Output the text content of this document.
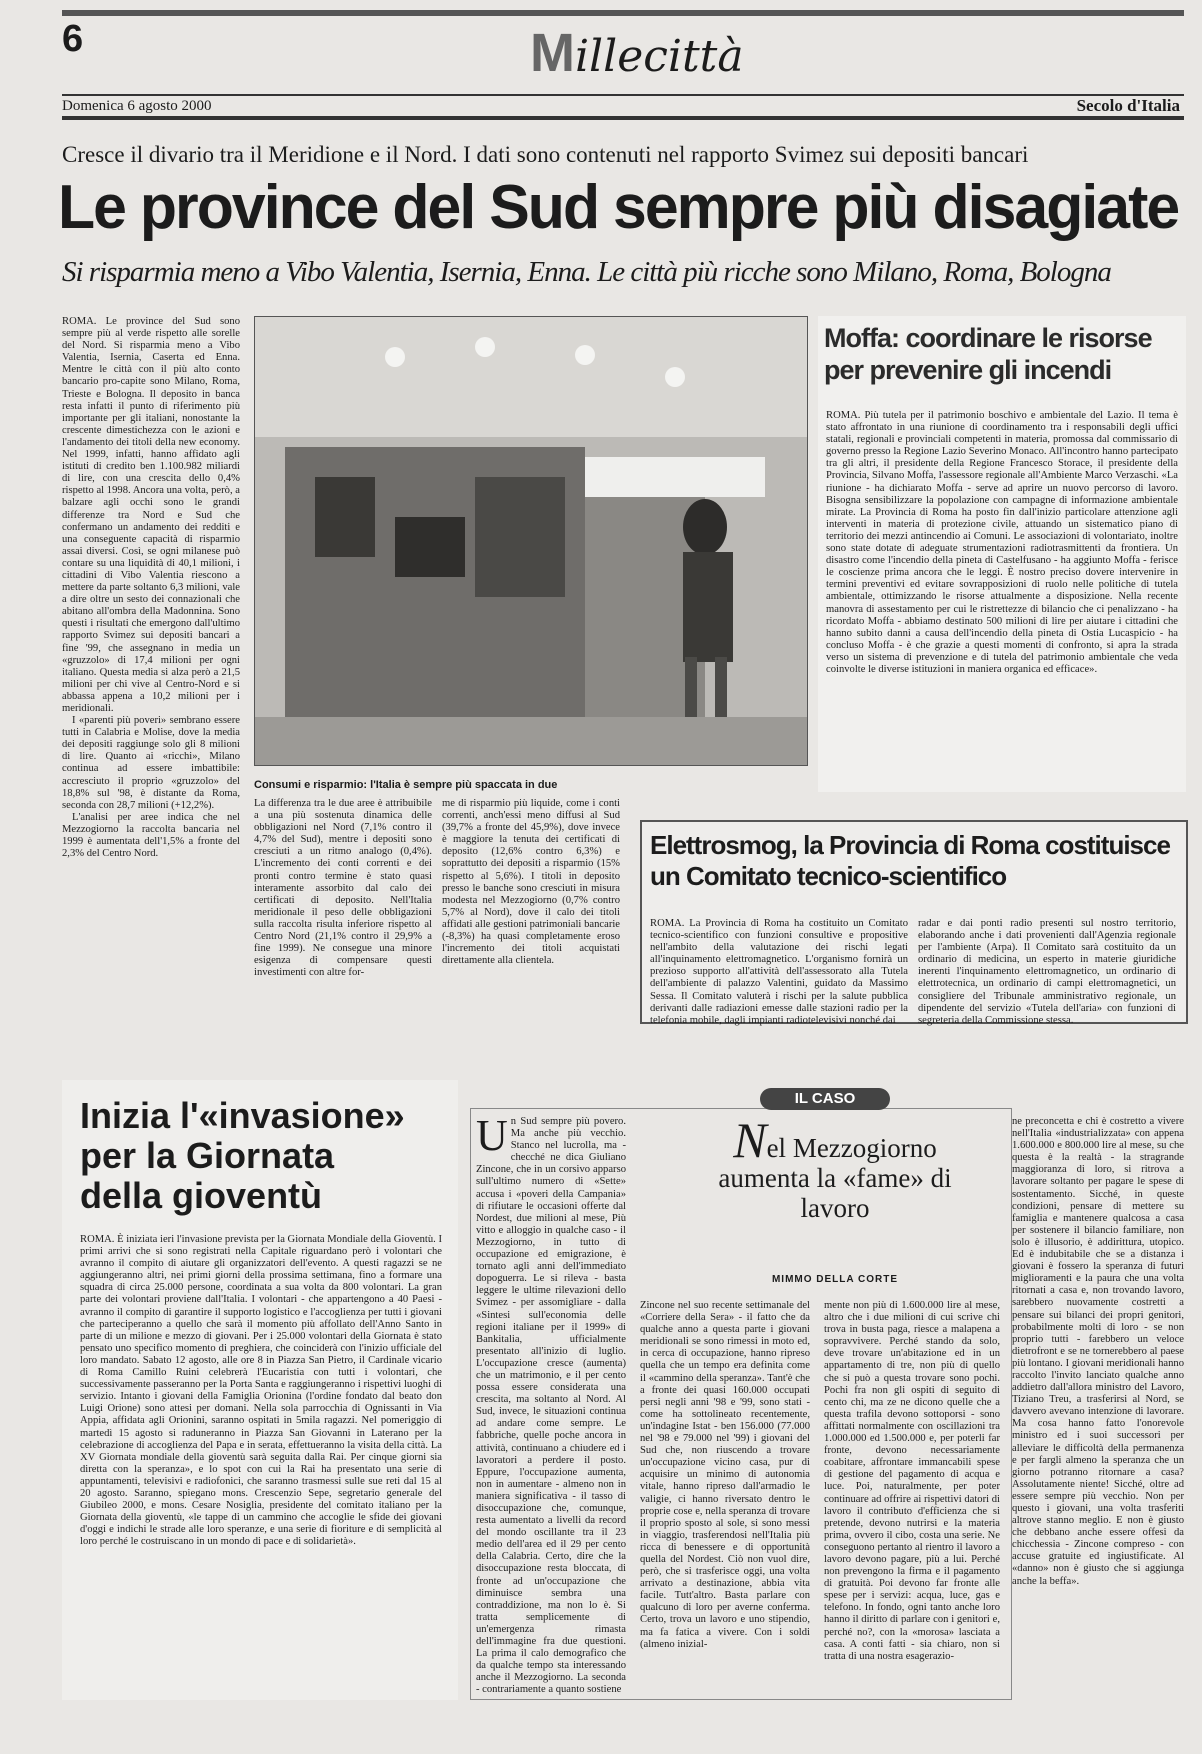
6	Millecittà
Domenica 6 agosto 2000	Secolo d'Italia
Cresce il divario tra il Meridione e il Nord. I dati sono contenuti nel rapporto Svimez sui depositi bancari
Le province del Sud sempre più disagiate
Si risparmia meno a Vibo Valentia, Isernia, Enna. Le città più ricche sono Milano, Roma, Bologna

ROMA. Le province del Sud sono sempre più al verde rispetto alle sorelle del Nord. Si risparmia meno a Vibo Valentia, Isernia, Caserta ed Enna. Mentre le città con il più alto conto bancario pro-capite sono Milano, Roma, Trieste e Bologna. Il deposito in banca resta infatti il punto di riferimento più importante per gli italiani, nonostante la crescente dimestichezza con le azioni e l'andamento dei titoli della new economy. Nel 1999, infatti, hanno affidato agli istituti di credito ben 1.100.982 miliardi di lire, con una crescita dello 0,4% rispetto al 1998. Ancora una volta, però, a balzare agli occhi sono le grandi differenze tra Nord e Sud che confermano un andamento dei redditi e una conseguente capacità di risparmio assai diversi. Così, se ogni milanese può contare su una liquidità di 40,1 milioni, i cittadini di Vibo Valentia riescono a mettere da parte soltanto 6,3 milioni, vale a dire oltre un sesto dei connazionali che abitano all'ombra della Madonnina. Sono questi i risultati che emergono dall'ultimo rapporto Svimez sui depositi bancari a fine '99, che assegnano in media un «gruzzolo» di 17,4 milioni per ogni italiano. Questa media si alza però a 21,5 milioni per chi vive al Centro-Nord e si abbassa appena a 10,2 milioni per i meridionali.

I «parenti più poveri» sembrano essere tutti in Calabria e Molise, dove la media dei depositi raggiunge solo gli 8 milioni di lire. Quanto ai «ricchi», Milano continua ad essere imbattibile: accresciuto il proprio «gruzzolo» del 18,8% sul '98, è distante da Roma, seconda con 28,7 milioni (+12,2%).

L'analisi per aree indica che nel Mezzogiorno la raccolta bancaria nel 1999 è aumentata dell'1,5% a fronte del 2,3% del Centro Nord.

Consumi e risparmio: l'Italia è sempre più spaccata in due

La differenza tra le due aree è attribuibile a una più sostenuta dinamica delle obbligazioni nel Nord (7,1% contro il 4,7% del Sud), mentre i depositi sono cresciuti a un ritmo analogo (0,4%). L'incremento dei conti correnti e dei pronti contro termine è stato quasi interamente assorbito dal calo dei certificati di deposito. Nell'Italia meridionale il peso delle obbligazioni sulla raccolta risulta inferiore rispetto al Centro Nord (21,1% contro il 29,9% a fine 1999). Ne consegue una minore esigenza di compensare questi investimenti con altre for-

me di risparmio più liquide, come i conti correnti, anch'essi meno diffusi al Sud (39,7% a fronte del 45,9%), dove invece è maggiore la tenuta dei certificati di deposito (12,6% contro 6,3%) e soprattutto dei depositi a risparmio (15% rispetto al 5,6%). I titoli in deposito presso le banche sono cresciuti in misura modesta nel Mezzogiorno (0,7% contro 5,7% al Nord), dove il calo dei titoli affidati alle gestioni patrimoniali bancarie (-8,3%) ha quasi completamente eroso l'incremento dei titoli acquistati direttamente alla clientela.

Moffa: coordinare le risorse per prevenire gli incendi

ROMA. Più tutela per il patrimonio boschivo e ambientale del Lazio. Il tema è stato affrontato in una riunione di coordinamento tra i responsabili degli uffici statali, regionali e provinciali competenti in materia, promossa dal commissario di governo presso la Regione Lazio Severino Monaco. All'incontro hanno partecipato tra gli altri, il presidente della Regione Francesco Storace, il presidente della Provincia, Silvano Moffa, l'assessore regionale all'Ambiente Marco Verzaschi. «La riunione - ha dichiarato Moffa - serve ad aprire un nuovo percorso di lavoro. Bisogna sensibilizzare la popolazione con campagne di informazione ambientale mirate. La Provincia di Roma ha posto fin dall'inizio particolare attenzione agli interventi in materia di protezione civile, attuando un sistematico piano di territorio dei mezzi antincendio ai Comuni. Le associazioni di volontariato, inoltre sono state dotate di adeguate strumentazioni radiotrasmittenti da frontiera. Un disastro come l'incendio della pineta di Castelfusano - ha aggiunto Moffa - ferisce le coscienze prima ancora che le leggi. È nostro preciso dovere intervenire in termini preventivi ed evitare sovrapposizioni di ruolo nelle politiche di tutela ambientale, ottimizzando le risorse attualmente a disposizione. Nella recente manovra di assestamento per cui le ristrettezze di bilancio che ci penalizzano - ha ricordato Moffa - abbiamo destinato 500 milioni di lire per aiutare i cittadini che hanno subito danni a causa dell'incendio della pineta di Ostia Lucaspicio - ha concluso Moffa - è che grazie a questi momenti di confronto, si apra la strada verso un sistema di prevenzione e di tutela del patrimonio ambientale che veda coinvolte le diverse istituzioni in maniera organica ed efficace».

Elettrosmog, la Provincia di Roma costituisce un Comitato tecnico-scientifico

ROMA. La Provincia di Roma ha costituito un Comitato tecnico-scientifico con funzioni consultive e propositive nell'ambito della valutazione dei rischi legati all'inquinamento elettromagnetico. L'organismo fornirà un prezioso supporto all'attività dell'assessorato alla Tutela dell'ambiente di palazzo Valentini, guidato da Massimo Sessa. Il Comitato valuterà i rischi per la salute pubblica derivanti dalle radiazioni emesse dalle stazioni radio per la telefonia mobile, dagli impianti radiotelevisivi nonché dai

radar e dai ponti radio presenti sul nostro territorio, elaborando anche i dati provenienti dall'Agenzia regionale per l'ambiente (Arpa). Il Comitato sarà costituito da un ordinario di medicina, un esperto in materie giuridiche inerenti l'inquinamento elettromagnetico, un ordinario di elettrotecnica, un ordinario di campi elettromagnetici, un consigliere del Tribunale amministrativo regionale, un dipendente del servizio «Tutela dell'aria» con funzioni di segreteria della Commissione stessa.

Inizia l'«invasione» per la Giornata della gioventù

ROMA. È iniziata ieri l'invasione prevista per la Giornata Mondiale della Gioventù. I primi arrivi che si sono registrati nella Capitale riguardano però i volontari che avranno il compito di aiutare gli organizzatori dell'evento. A questi ragazzi se ne aggiungeranno altri, nei primi giorni della prossima settimana, fino a formare una squadra di circa 25.000 persone, coordinata a sua volta da 800 volontari. La gran parte dei volontari proviene dall'Italia. I volontari - che appartengono a 40 Paesi - avranno il compito di garantire il supporto logistico e l'accoglienza per tutti i giovani che parteciperanno a quello che sarà il momento più affollato dell'Anno Santo in parte di un milione e mezzo di giovani. Per i 25.000 volontari della Giornata è stato pensato uno specifico momento di preghiera, che coinciderà con l'inizio ufficiale del loro mandato. Sabato 12 agosto, alle ore 8 in Piazza San Pietro, il Cardinale vicario di Roma Camillo Ruini celebrerà l'Eucaristia con tutti i volontari, che successivamente passeranno per la Porta Santa e raggiungeranno i rispettivi luoghi di servizio. Intanto i giovani della Famiglia Orionina (l'ordine fondato dal beato don Luigi Orione) sono attesi per domani. Nella sola parrocchia di Ognissanti in Via Appia, affidata agli Orionini, saranno ospitati in 5mila ragazzi. Nel pomeriggio di martedì 15 agosto si raduneranno in Piazza San Giovanni in Laterano per la celebrazione di accoglienza del Papa e in serata, effettueranno la visita della città. La XV Giornata mondiale della gioventù sarà seguita dalla Rai. Per cinque giorni sia diretta con la speranza», e lo spot con cui la Rai ha presentato una serie di appuntamenti, televisivi e radiofonici, che saranno trasmessi sulle sue reti dal 15 al 20 agosto. Saranno, spiegano mons. Crescenzio Sepe, segretario generale del Giubileo 2000, e mons. Cesare Nosiglia, presidente del comitato italiano per la Giornata della gioventù, «le tappe di un cammino che accoglie le sfide dei giovani d'oggi e indichi le strade alle loro speranze, e una serie di fioriture e di semplicità al loro perché le costruiscano in un mondo di pace e di solidarietà».

IL CASO
Nel Mezzogiorno aumenta la «fame» di lavoro
MIMMO DELLA CORTE
Un Sud sempre più povero. Ma anche più vecchio. Stanco nel lucrolla, ma - checché ne dica Giuliano Zincone, che in un corsivo apparso sull'ultimo numero di «Sette» accusa i «poveri della Campania» di rifiutare le occasioni offerte dal Nordest, due milioni al mese, Più vitto e alloggio in qualche caso - il Mezzogiorno, in tutto di occupazione ed emigrazione, è tornato agli anni dell'immediato dopoguerra. Le si rileva - basta leggere le ultime rilevazioni dello Svimez - per assomigliare - dalla «Sintesi sull'economia delle regioni italiane per il 1999» di Bankitalia, ufficialmente presentato all'inizio di luglio. L'occupazione cresce (aumenta) che un matrimonio, e il per cento possa essere considerata una crescita, ma soltanto al Nord. Al Sud, invece, le situazioni continua ad andare come sempre. Le fabbriche, quelle poche ancora in attività, continuano a chiudere ed i lavoratori a perdere il posto. Eppure, l'occupazione aumenta, non in aumentare - almeno non in maniera significativa - il tasso di disoccupazione che, comunque, resta aumentato a livelli da record del mondo oscillante tra il 23 medio dell'area ed il 29 per cento della Calabria. Certo, dire che la disoccupazione resta bloccata, di fronte ad un'occupazione che diminuisce sembra una contraddizione, ma non lo è. Si tratta semplicemente di un'emergenza rimasta dell'immagine fra due questioni. La prima il calo demografico che da qualche tempo sta interessando anche il Mezzogiorno. La seconda - contrariamente a quanto sostiene

Zincone nel suo recente settimanale del «Corriere della Sera» - il fatto che da qualche anno a questa parte i giovani meridionali se sono rimessi in moto ed, in cerca di occupazione, hanno ripreso quella che un tempo era definita come il «cammino della speranza». Tant'è che a fronte dei quasi 160.000 occupati persi negli anni '98 e '99, sono stati - come ha sottolineato recentemente, un'indagine Istat - ben 156.000 (77.000 nel '98 e 79.000 nel '99) i giovani del Sud che, non riuscendo a trovare un'occupazione vicino casa, pur di acquisire un minimo di autonomia vitale, hanno ripreso dall'armadio le valigie, ci hanno riversato dentro le proprie cose e, nella speranza di trovare il proprio sposto al sole, si sono messi in viaggio, trasferendosi nell'Italia più ricca di benessere e di opportunità quella del Nordest. Ciò non vuol dire, però, che si trasferisce oggi, una volta arrivato a destinazione, abbia vita facile. Tutt'altro. Basta parlare con qualcuno di loro per averne conferma. Certo, trova un lavoro e uno stipendio, ma fa fatica a vivere. Con i soldi (almeno inizial-

mente non più di 1.600.000 lire al mese, altro che i due milioni di cui scrive chi trova in busta paga, riesce a malapena a sopravvivere. Perché stando da solo, deve trovare un'abitazione ed in un appartamento di tre, non più di quello che si può a questa trovare sono pochi. Pochi fra non gli ospiti di seguito di cento chi, ma ze ne dicono quelle che a questa trafila devono sottoporsi - sono affittati normalmente con oscillazioni tra 1.000.000 ed 1.500.000 e, per poterli far fronte, devono necessariamente coabitare, affrontare immancabili spese di gestione del pagamento di acqua e luce. Poi, naturalmente, per poter continuare ad offrire ai rispettivi datori di lavoro il contributo d'efficienza che si pretende, devono nutrirsi e la materia prima, ovvero il cibo, costa una serie. Ne conseguono pertanto al rientro il lavoro a lavoro devono pagare, più a lui. Perché non prevengono la firma e il pagamento di gratuità. Poi devono far fronte alle spese per i servizi: acqua, luce, gas e telefono. In fondo, ogni tanto anche loro hanno il diritto di parlare con i genitori e, perché no?, con la «morosa» lasciata a casa. A conti fatti - sia chiaro, non si tratta di una nostra esagerazio-

ne preconcetta e chi è costretto a vivere nell'Italia «industrializzata» con appena 1.600.000 e 800.000 lire al mese, su che questa è la realtà - la stragrande maggioranza di loro, si ritrova a lavorare soltanto per pagare le spese di sostentamento. Sicché, in queste condizioni, pensare di mettere su famiglia e mantenere qualcosa a casa per sostenere il bilancio familiare, non solo è illusorio, è addirittura, utopico. Ed è indubitabile che se a distanza i giovani è fossero la speranza di futuri miglioramenti e la paura che una volta ritornati a casa e, non trovando lavoro, sarebbero nuovamente costretti a pensare sui bilanci dei propri genitori, probabilmente molti di loro - se non proprio tutti - farebbero un veloce dietrofront e se ne tornerebbero al paese più lontano. I giovani meridionali hanno raccolto l'invito lanciato qualche anno addietro dall'allora ministro del Lavoro, Tiziano Treu, a trasferirsi al Nord, se davvero avevano intenzione di lavorare. Ma cosa hanno fatto l'onorevole ministro ed i suoi successori per alleviare le difficoltà della permanenza e per fargli almeno la speranza che un giorno potranno ritornare a casa? Assolutamente niente! Sicché, oltre ad essere sempre più vecchio. Non per questo i giovani, una volta trasferiti altrove stanno meglio. E non è giusto che debbano anche essere offesi da chicchessia - Zincone compreso - con accuse gratuite ed ingiustificate. Al «danno» non è giusto che si aggiunga anche la beffa».
